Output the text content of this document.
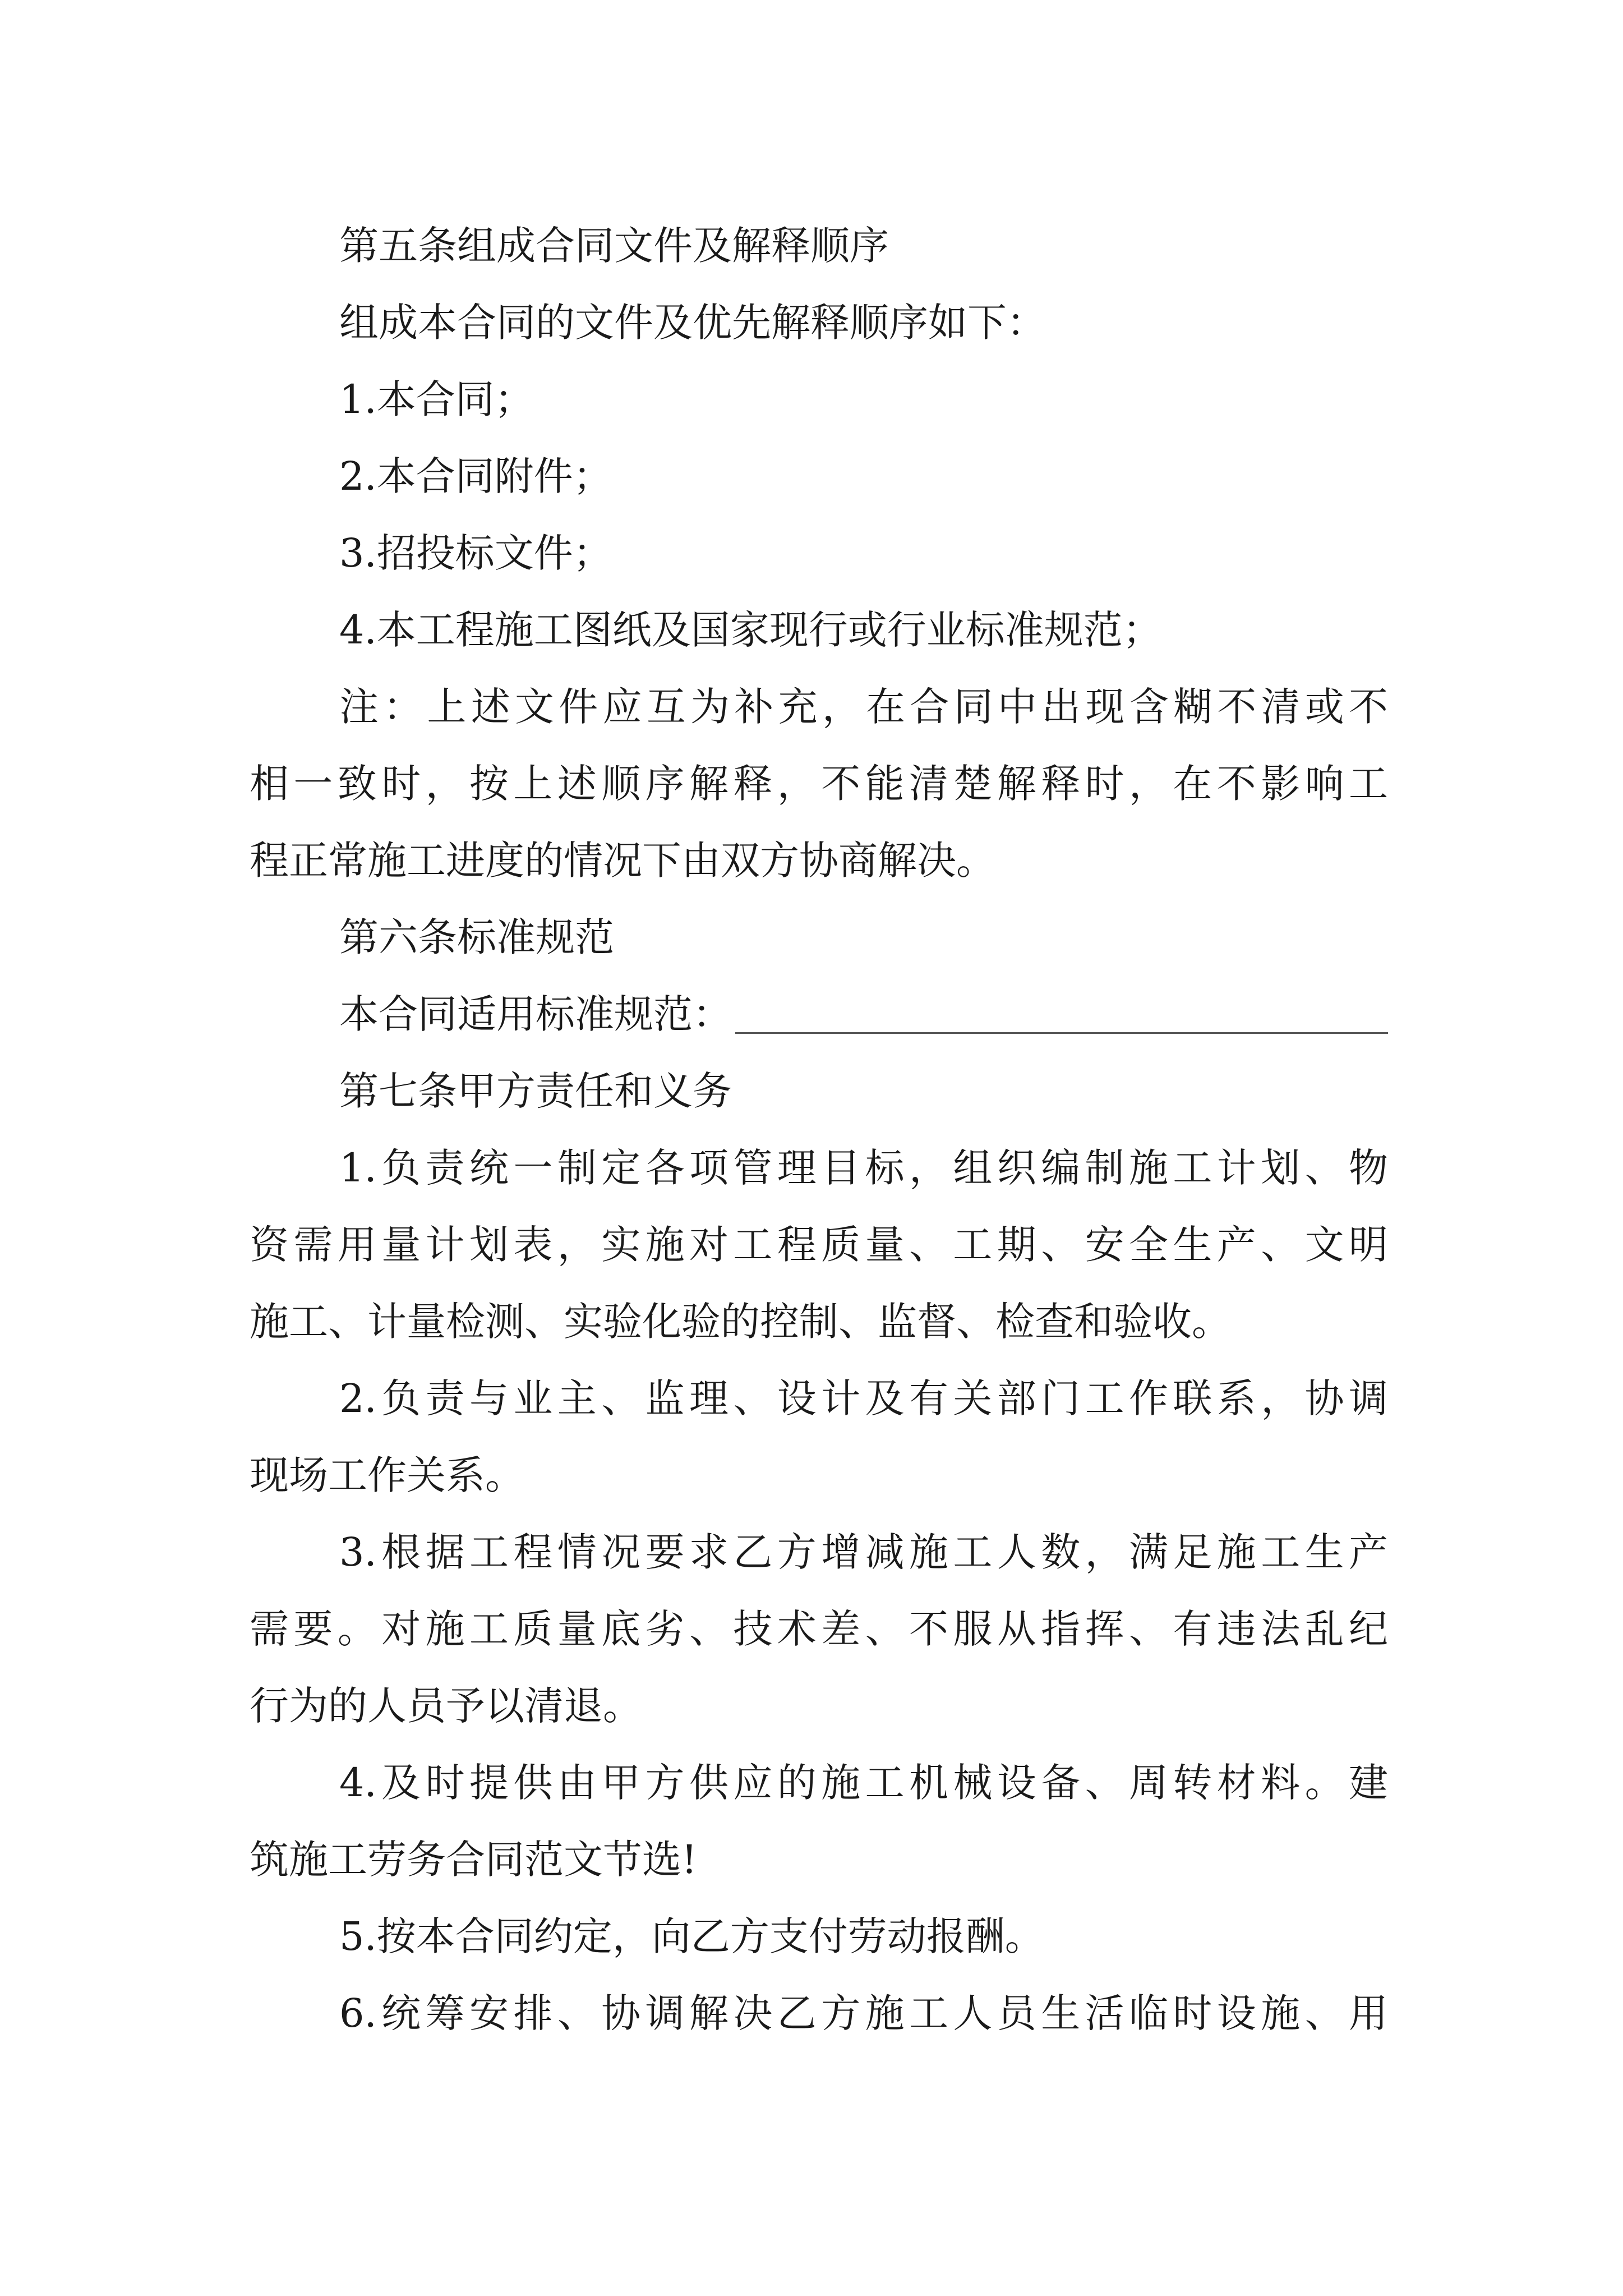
第五条组成合同文件及解释顺序

组成本合同的文件及优先解释顺序如下：

1.本合同；

2.本合同附件；

3.招投标文件；

4.本工程施工图纸及国家现行或行业标准规范；

注：上述文件应互为补充，在合同中出现含糊不清或不

相一致时，按上述顺序解释，不能清楚解释时，在不影响工

程正常施工进度的情况下由双方协商解决。

第六条标准规范

本合同适用标准规范：

第七条甲方责任和义务

1.负责统一制定各项管理目标，组织编制施工计划、物

资需用量计划表，实施对工程质量、工期、安全生产、文明

施工、计量检测、实验化验的控制、监督、检查和验收。

2.负责与业主、监理、设计及有关部门工作联系，协调

现场工作关系。

3.根据工程情况要求乙方增减施工人数，满足施工生产

需要。对施工质量底劣、技术差、不服从指挥、有违法乱纪

行为的人员予以清退。

4.及时提供由甲方供应的施工机械设备、周转材料。建

筑施工劳务合同范文节选!

5.按本合同约定，向乙方支付劳动报酬。

6.统筹安排、协调解决乙方施工人员生活临时设施、用
